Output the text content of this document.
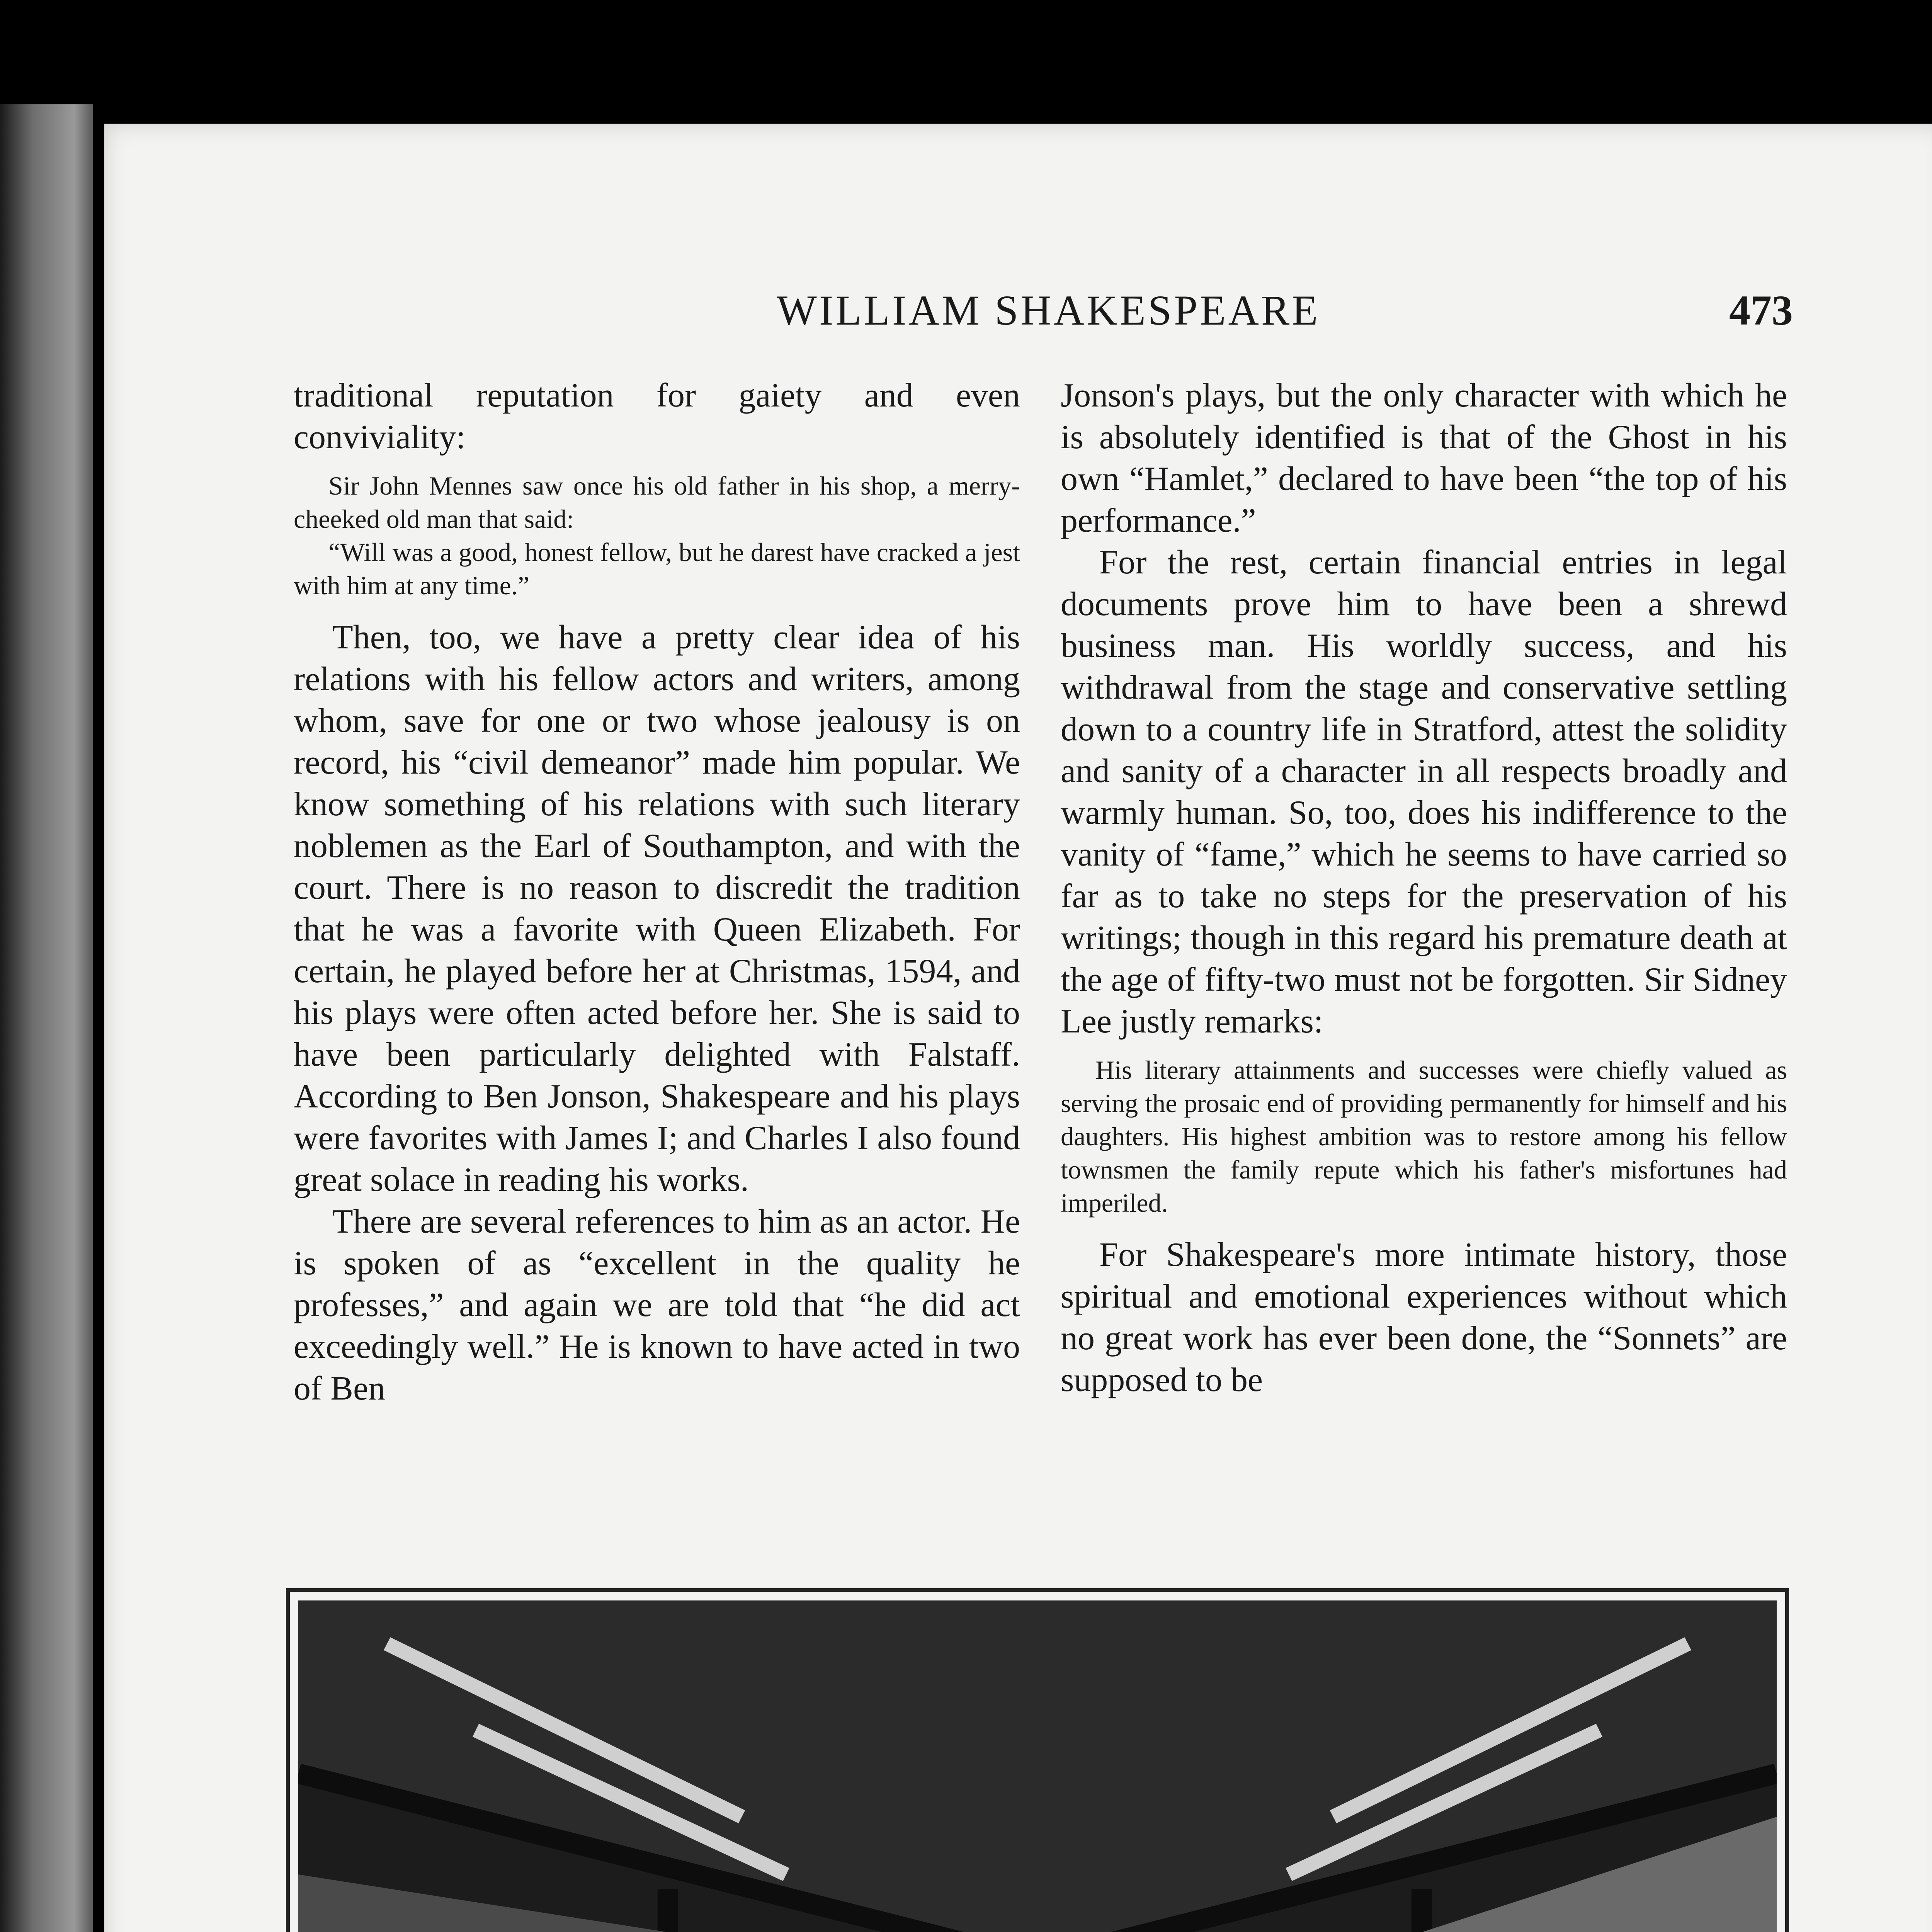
WILLIAM SHAKESPEARE	473

traditional reputation for gaiety and even conviviality:

Sir John Mennes saw once his old father in his shop, a merry-cheeked old man that said:

“Will was a good, honest fellow, but he darest have cracked a jest with him at any time.”

Then, too, we have a pretty clear idea of his relations with his fellow actors and writers, among whom, save for one or two whose jealousy is on record, his “civil demeanor” made him popular. We know something of his relations with such literary noblemen as the Earl of Southampton, and with the court. There is no reason to discredit the tradition that he was a favorite with Queen Elizabeth. For certain, he played before her at Christmas, 1594, and his plays were often acted before her. She is said to have been particularly delighted with Falstaff. According to Ben Jonson, Shakespeare and his plays were favorites with James I; and Charles I also found great solace in reading his works.

There are several references to him as an actor. He is spoken of as “excellent in the quality he professes,” and again we are told that “he did act exceedingly well.” He is known to have acted in two of Ben

Jonson's plays, but the only character with which he is absolutely identified is that of the Ghost in his own “Hamlet,” declared to have been “the top of his performance.”

For the rest, certain financial entries in legal documents prove him to have been a shrewd business man. His worldly success, and his withdrawal from the stage and conservative settling down to a country life in Stratford, attest the solidity and sanity of a character in all respects broadly and warmly human. So, too, does his indifference to the vanity of “fame,” which he seems to have carried so far as to take no steps for the preservation of his writings; though in this regard his premature death at the age of fifty-two must not be forgotten. Sir Sidney Lee justly remarks:

His literary attainments and successes were chiefly valued as serving the prosaic end of providing permanently for himself and his daughters. His highest ambition was to restore among his fellow townsmen the family repute which his father's misfortunes had imperiled.

For Shakespeare's more intimate history, those spiritual and emotional experiences without which no great work has ever been done, the “Sonnets” are supposed to be
